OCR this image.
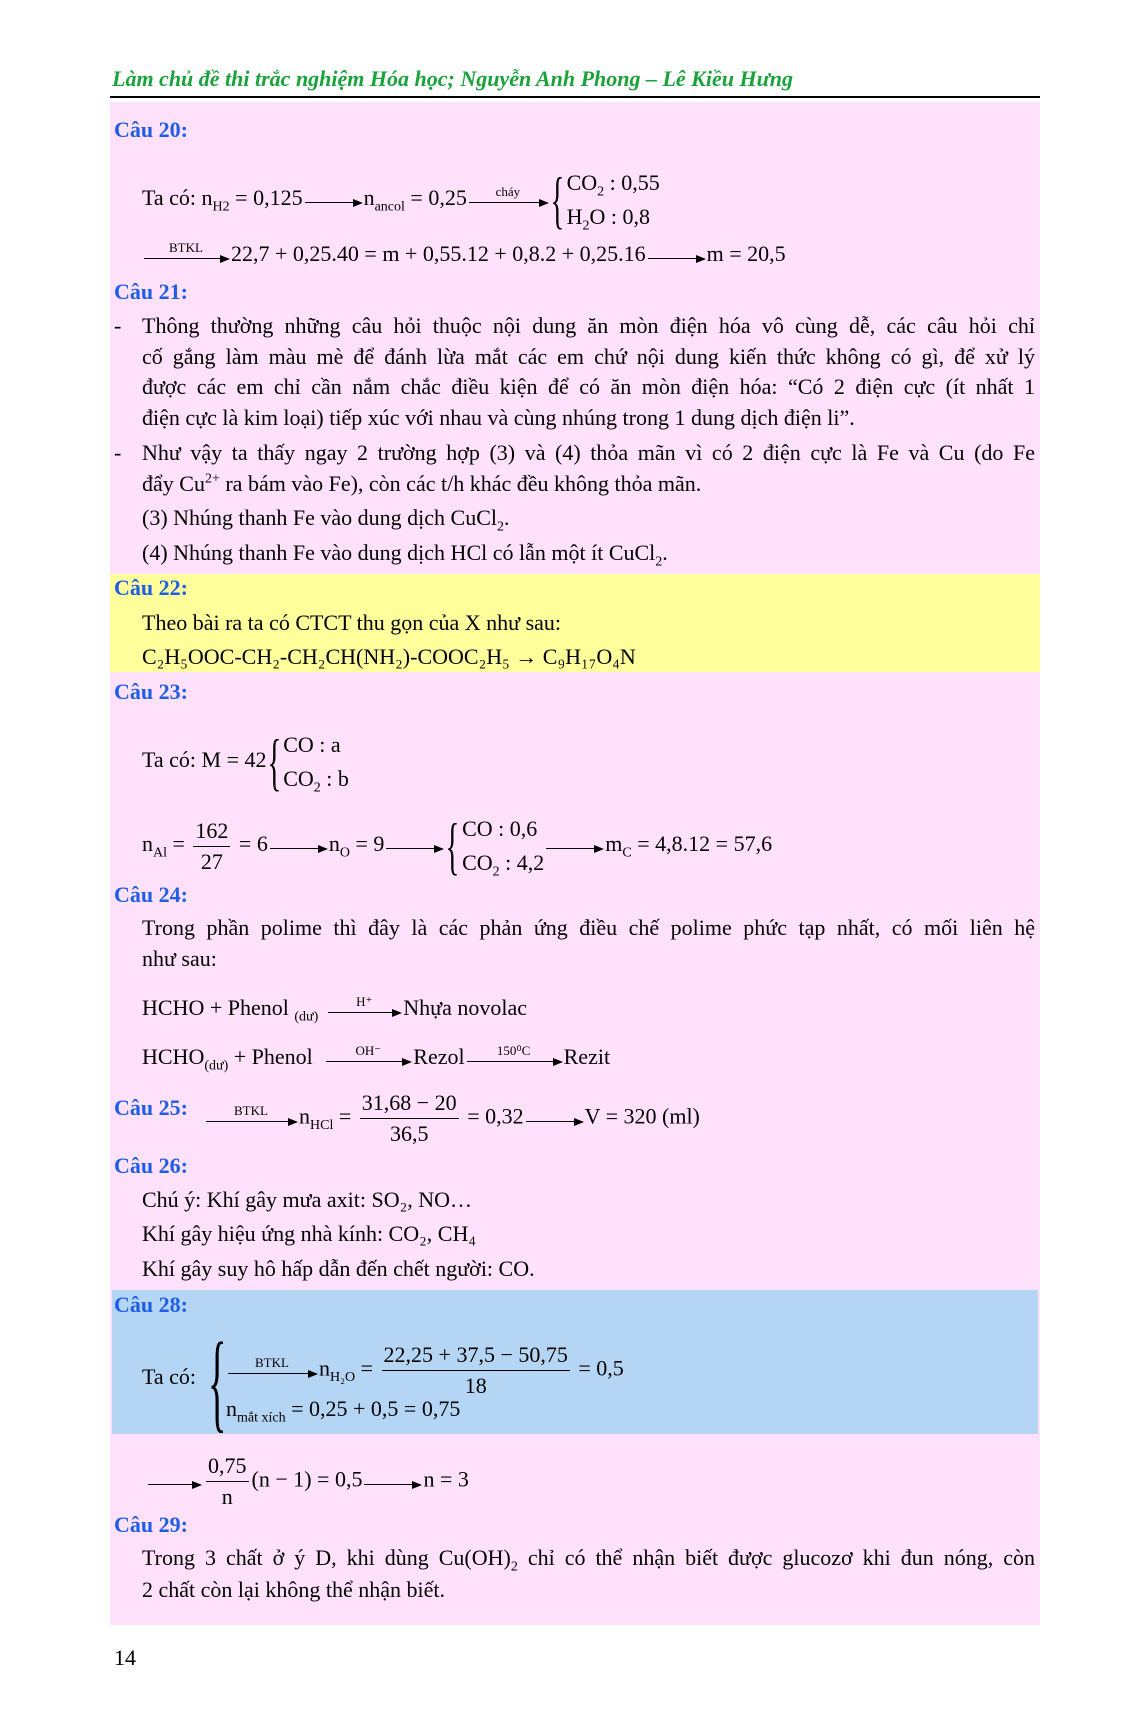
Làm chủ đề thi trắc nghiệm Hóa học; Nguyễn Anh Phong – Lê Kiều Hưng
Câu 20:
Ta có: $n_{H2} = 0,125$	$n_{ancol} = 0,25$	cháy	{ $CO_2$ : 0,55
$H_2O$ : 0,8
BTKL	22,7 + 0,25.40 = m + 0,55.12 + 0,8.2 + 0,25.16	m = 20,5
Câu 21:
- Thông thường những câu hỏi thuộc nội dung ăn mòn điện hóa vô cùng dễ, các câu hỏi chỉ
cố gắng làm màu mè để đánh lừa mắt các em chứ nội dung kiến thức không có gì, để xử lý
được các em chỉ cần nắm chắc điều kiện để có ăn mòn điện hóa: “Có 2 điện cực (ít nhất 1
điện cực là kim loại) tiếp xúc với nhau và cùng nhúng trong 1 dung dịch điện li”.
- Như vậy ta thấy ngay 2 trường hợp (3) và (4) thỏa mãn vì có 2 điện cực là Fe và Cu (do Fe
đẩy $Cu^{2+}$ ra bám vào Fe), còn các t/h khác đều không thỏa mãn.
(3) Nhúng thanh Fe vào dung dịch CuCl$_2$.
(4) Nhúng thanh Fe vào dung dịch HCl có lẫn một ít CuCl$_2$.
Câu 22:
Theo bài ra ta có CTCT thu gọn của X như sau:
C₂H₅OOC-CH₂-CH₂CH(NH₂)-COOC₂H₅ → C₉H₁₇O₄N
Câu 23:
Ta có: M = 42
{ CO : a
$CO_2$ : b
$n_{Al} = \frac{162}{27} = 6$	$n_O = 9$
{ CO : 0,6
$CO_2$ : 4,2
$m_C = 4,8.12 = 57,6$
Câu 24:
Trong phần polime thì đây là các phản ứng điều chế polime phức tạp nhất, có mối liên hệ
như sau:
HCHO + Phenol $_{(dư)}$
H⁺	Nhựa novolac
$HCHO_{(dư)}$ + Phenol	OH⁻	Rezol	150⁰C	Rezit
Câu 25:	BTKL	$n_{HCl} = \frac{31,68 - 20}{36,5} = 0,32$	V = 320 (ml)
Câu 26:
Chú ý: Khí gây mưa axit: SO₂, NO…
Khí gây hiệu ứng nhà kính: CO₂, CH₄
Khí gây suy hô hấp dẫn đến chết người: CO.
Câu 28:
Ta có: {	BTKL	$n_{H_2O} = \frac{22,25 + 37,5 - 50,75}{18} = 0,5$
$n_{mắt xích} = 0,25 + 0,5 = 0,75$
$\frac{0,75}{n} (n - 1) = 0,5$	n = 3
Câu 29:
Trong 3 chất ở ý D, khi dùng $Cu(OH)_2$ chỉ có thể nhận biết được glucozơ khi đun nóng, còn
2 chất còn lại không thể nhận biết.
14
